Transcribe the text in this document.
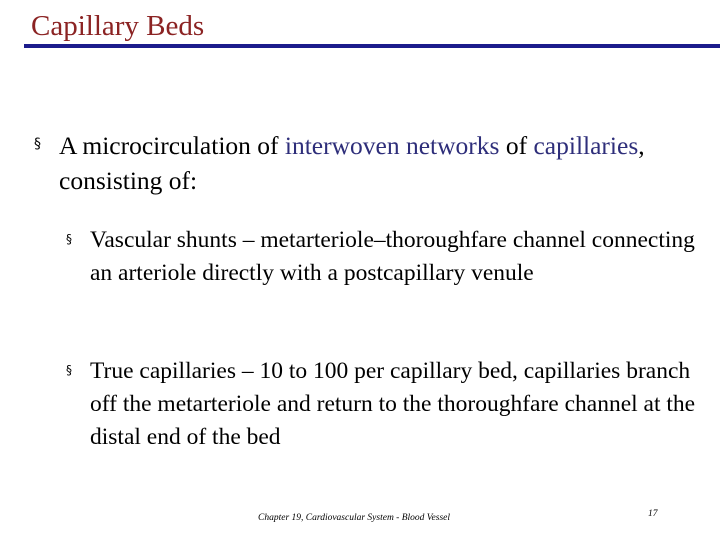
Capillary Beds
§ A microcirculation of interwoven networks of capillaries, consisting of:
§ Vascular shunts – metarteriole–thoroughfare channel connecting an arteriole directly with a postcapillary venule
§ True capillaries – 10 to 100 per capillary bed, capillaries branch off the metarteriole and return to the thoroughfare channel at the distal end of the bed
Chapter 19, Cardiovascular System - Blood Vessel	17
